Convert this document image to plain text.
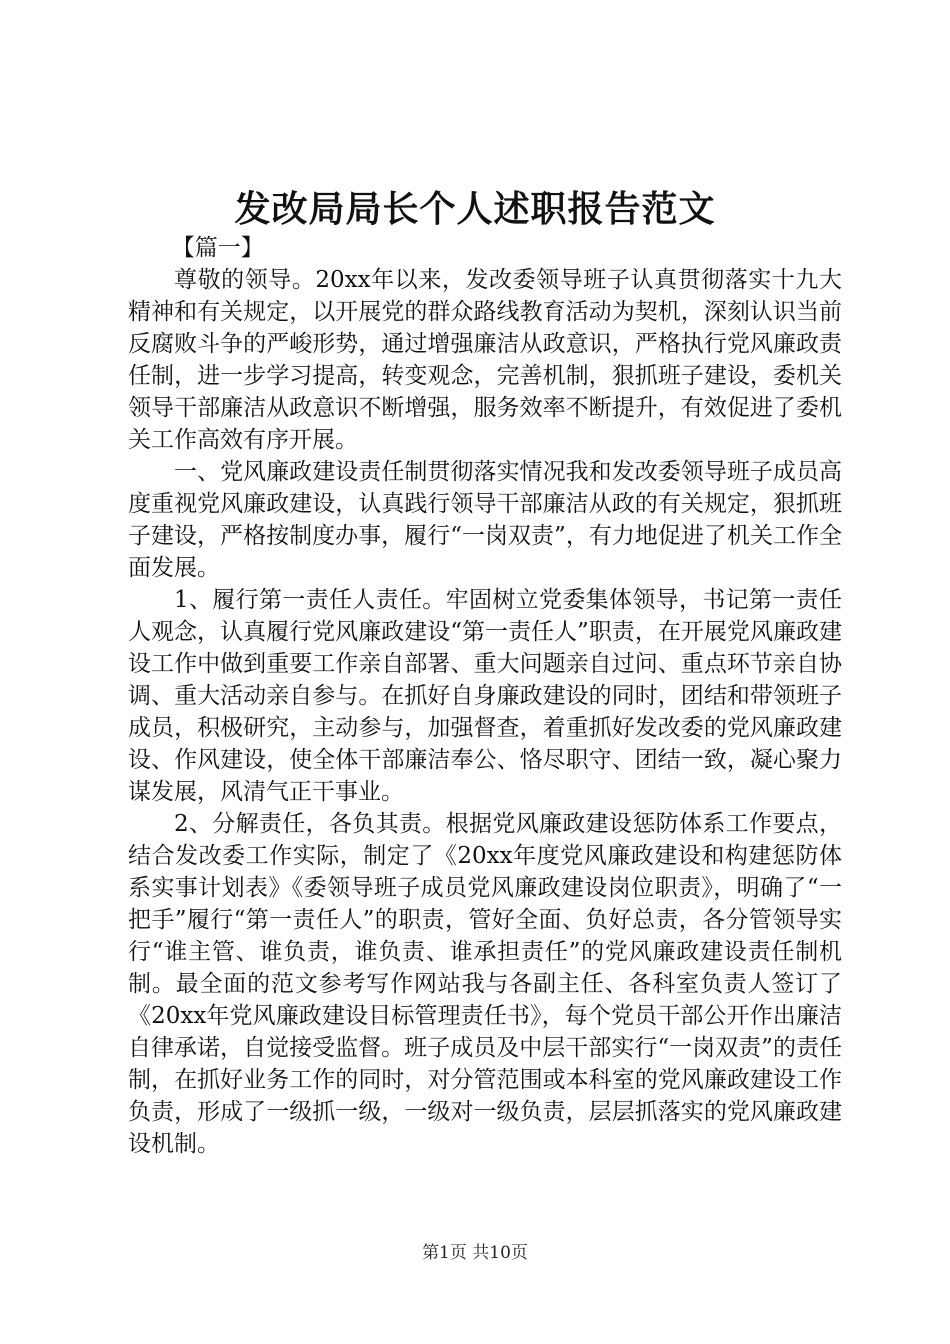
发改局局长个人述职报告范文

【篇一】

尊敬的领导。20xx年以来，发改委领导班子认真贯彻落实十九大精神和有关规定，以开展党的群众路线教育活动为契机，深刻认识当前反腐败斗争的严峻形势，通过增强廉洁从政意识，严格执行党风廉政责任制，进一步学习提高，转变观念，完善机制，狠抓班子建设，委机关领导干部廉洁从政意识不断增强，服务效率不断提升，有效促进了委机关工作高效有序开展。

一、党风廉政建设责任制贯彻落实情况我和发改委领导班子成员高度重视党风廉政建设，认真践行领导干部廉洁从政的有关规定，狠抓班子建设，严格按制度办事，履行“一岗双责”，有力地促进了机关工作全面发展。

1、履行第一责任人责任。牢固树立党委集体领导，书记第一责任人观念，认真履行党风廉政建设“第一责任人”职责，在开展党风廉政建设工作中做到重要工作亲自部署、重大问题亲自过问、重点环节亲自协调、重大活动亲自参与。在抓好自身廉政建设的同时，团结和带领班子成员，积极研究，主动参与，加强督查，着重抓好发改委的党风廉政建设、作风建设，使全体干部廉洁奉公、恪尽职守、团结一致，凝心聚力谋发展，风清气正干事业。

2、分解责任，各负其责。根据党风廉政建设惩防体系工作要点，结合发改委工作实际，制定了《20xx年度党风廉政建设和构建惩防体系实事计划表》《委领导班子成员党风廉政建设岗位职责》，明确了“一把手”履行“第一责任人”的职责，管好全面、负好总责，各分管领导实行“谁主管、谁负责，谁负责、谁承担责任”的党风廉政建设责任制机制。最全面的范文参考写作网站我与各副主任、各科室负责人签订了《20xx年党风廉政建设目标管理责任书》，每个党员干部公开作出廉洁自律承诺，自觉接受监督。班子成员及中层干部实行“一岗双责”的责任制，在抓好业务工作的同时，对分管范围或本科室的党风廉政建设工作负责，形成了一级抓一级，一级对一级负责，层层抓落实的党风廉政建设机制。

第1页 共10页
